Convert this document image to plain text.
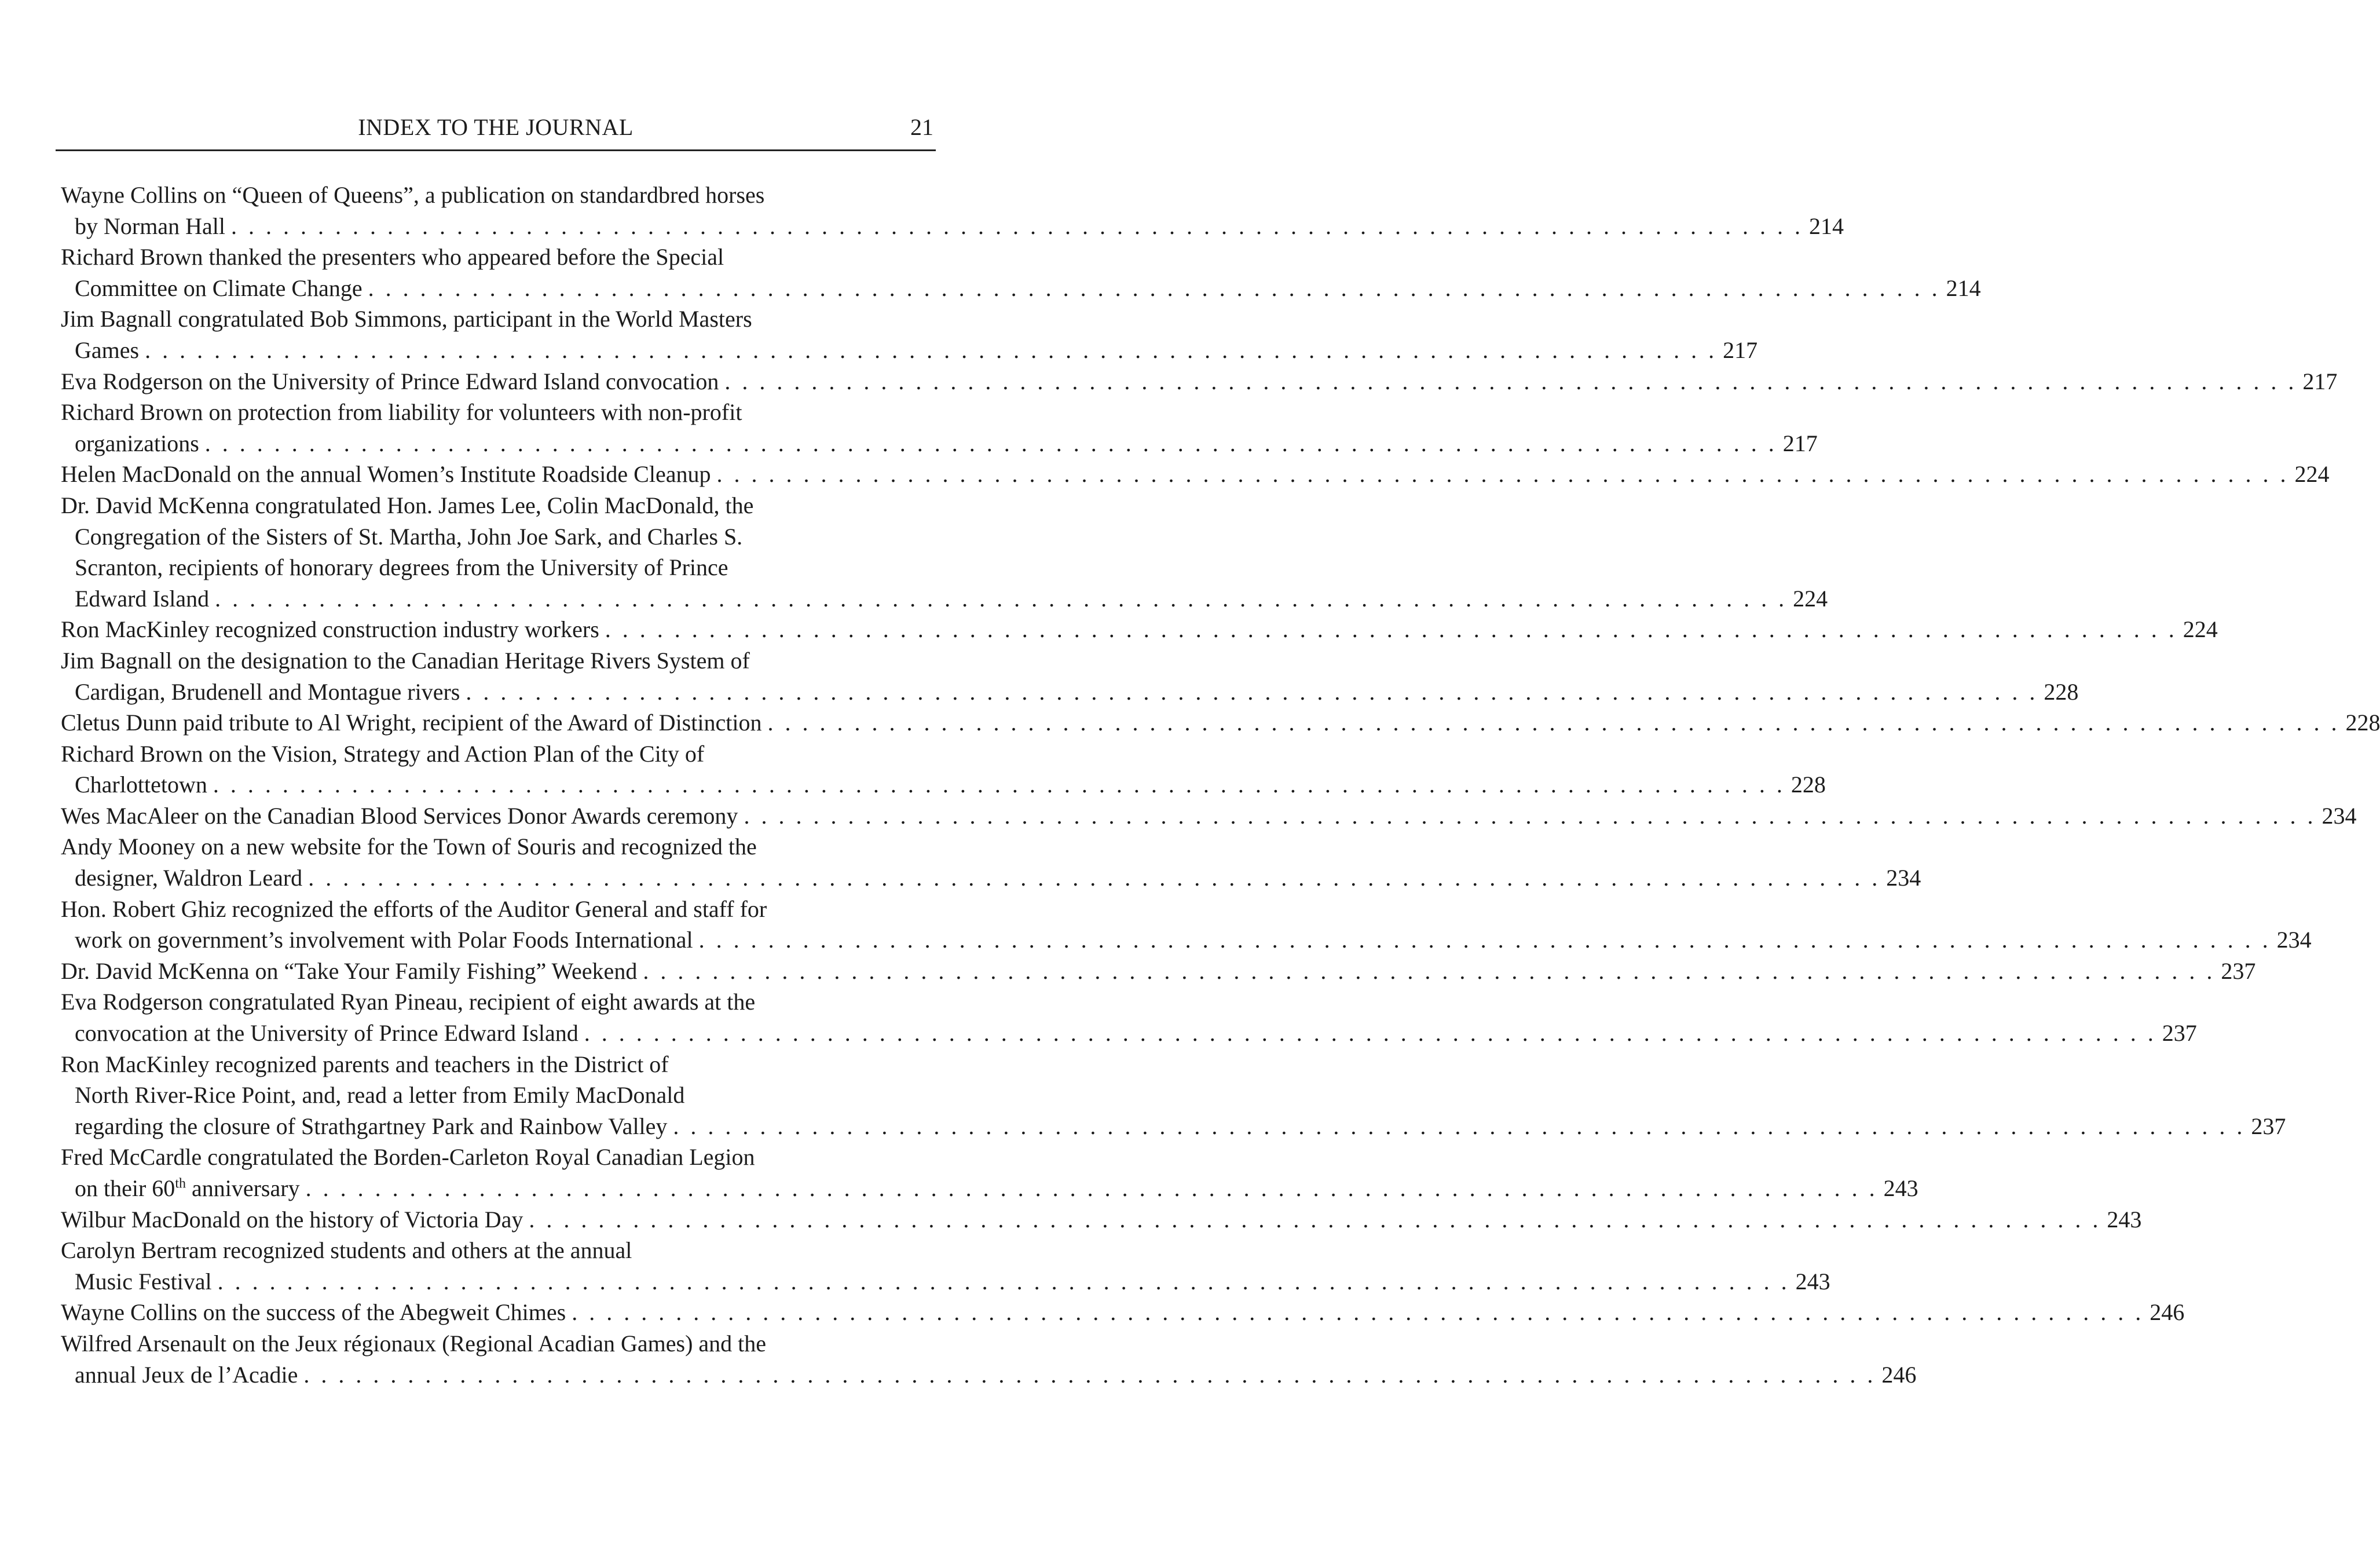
INDEX TO THE JOURNAL	21
Wayne Collins on “Queen of Queens”, a publication on standardbred horses
by Norman Hall . . . . . . . . . . . . . . . . . . . . . . . . . . . . . . . . . . . . . . . . . . . . . . . . . . . . . . . . . . . . . . . . . . . . . . . . . . . . . . . . . . . . . . . . . . . 214
Richard Brown thanked the presenters who appeared before the Special
Committee on Climate Change . . . . . . . . . . . . . . . . . . . . . . . . . . . . . . . . . . . . . . . . . . . . . . . . . . . . . . . . . . . . . . . . . . . . . . . . . . . . . . . . . . . . . . . . . . . 214
Jim Bagnall congratulated Bob Simmons, participant in the World Masters
Games . . . . . . . . . . . . . . . . . . . . . . . . . . . . . . . . . . . . . . . . . . . . . . . . . . . . . . . . . . . . . . . . . . . . . . . . . . . . . . . . . . . . . . . . . . . 217
Eva Rodgerson on the University of Prince Edward Island convocation . . . . . . . . . . . . . . . . . . . . . . . . . . . . . . . . . . . . . . . . . . . . . . . . . . . . . . . . . . . . . . . . . . . . . . . . . . . . . . . . . . . . . . . . . . . 217
Richard Brown on protection from liability for volunteers with non-profit
organizations . . . . . . . . . . . . . . . . . . . . . . . . . . . . . . . . . . . . . . . . . . . . . . . . . . . . . . . . . . . . . . . . . . . . . . . . . . . . . . . . . . . . . . . . . . . 217
Helen MacDonald on the annual Women’s Institute Roadside Cleanup . . . . . . . . . . . . . . . . . . . . . . . . . . . . . . . . . . . . . . . . . . . . . . . . . . . . . . . . . . . . . . . . . . . . . . . . . . . . . . . . . . . . . . . . . . . 224
Dr. David McKenna congratulated Hon. James Lee, Colin MacDonald, the
Congregation of the Sisters of St. Martha, John Joe Sark, and Charles S.
Scranton, recipients of honorary degrees from the University of Prince
Edward Island . . . . . . . . . . . . . . . . . . . . . . . . . . . . . . . . . . . . . . . . . . . . . . . . . . . . . . . . . . . . . . . . . . . . . . . . . . . . . . . . . . . . . . . . . . . 224
Ron MacKinley recognized construction industry workers . . . . . . . . . . . . . . . . . . . . . . . . . . . . . . . . . . . . . . . . . . . . . . . . . . . . . . . . . . . . . . . . . . . . . . . . . . . . . . . . . . . . . . . . . . . 224
Jim Bagnall on the designation to the Canadian Heritage Rivers System of
Cardigan, Brudenell and Montague rivers . . . . . . . . . . . . . . . . . . . . . . . . . . . . . . . . . . . . . . . . . . . . . . . . . . . . . . . . . . . . . . . . . . . . . . . . . . . . . . . . . . . . . . . . . . . 228
Cletus Dunn paid tribute to Al Wright, recipient of the Award of Distinction . . . . . . . . . . . . . . . . . . . . . . . . . . . . . . . . . . . . . . . . . . . . . . . . . . . . . . . . . . . . . . . . . . . . . . . . . . . . . . . . . . . . . . . . . . . 228
Richard Brown on the Vision, Strategy and Action Plan of the City of
Charlottetown . . . . . . . . . . . . . . . . . . . . . . . . . . . . . . . . . . . . . . . . . . . . . . . . . . . . . . . . . . . . . . . . . . . . . . . . . . . . . . . . . . . . . . . . . . . 228
Wes MacAleer on the Canadian Blood Services Donor Awards ceremony . . . . . . . . . . . . . . . . . . . . . . . . . . . . . . . . . . . . . . . . . . . . . . . . . . . . . . . . . . . . . . . . . . . . . . . . . . . . . . . . . . . . . . . . . . . 234
Andy Mooney on a new website for the Town of Souris and recognized the
designer, Waldron Leard . . . . . . . . . . . . . . . . . . . . . . . . . . . . . . . . . . . . . . . . . . . . . . . . . . . . . . . . . . . . . . . . . . . . . . . . . . . . . . . . . . . . . . . . . . . 234
Hon. Robert Ghiz recognized the efforts of the Auditor General and staff for
work on government’s involvement with Polar Foods International . . . . . . . . . . . . . . . . . . . . . . . . . . . . . . . . . . . . . . . . . . . . . . . . . . . . . . . . . . . . . . . . . . . . . . . . . . . . . . . . . . . . . . . . . . . 234
Dr. David McKenna on “Take Your Family Fishing” Weekend . . . . . . . . . . . . . . . . . . . . . . . . . . . . . . . . . . . . . . . . . . . . . . . . . . . . . . . . . . . . . . . . . . . . . . . . . . . . . . . . . . . . . . . . . . . 237
Eva Rodgerson congratulated Ryan Pineau, recipient of eight awards at the
convocation at the University of Prince Edward Island . . . . . . . . . . . . . . . . . . . . . . . . . . . . . . . . . . . . . . . . . . . . . . . . . . . . . . . . . . . . . . . . . . . . . . . . . . . . . . . . . . . . . . . . . . . 237
Ron MacKinley recognized parents and teachers in the District of
North River-Rice Point, and, read a letter from Emily MacDonald
regarding the closure of Strathgartney Park and Rainbow Valley . . . . . . . . . . . . . . . . . . . . . . . . . . . . . . . . . . . . . . . . . . . . . . . . . . . . . . . . . . . . . . . . . . . . . . . . . . . . . . . . . . . . . . . . . . . 237
Fred McCardle congratulated the Borden-Carleton Royal Canadian Legion
on their 60th anniversary . . . . . . . . . . . . . . . . . . . . . . . . . . . . . . . . . . . . . . . . . . . . . . . . . . . . . . . . . . . . . . . . . . . . . . . . . . . . . . . . . . . . . . . . . . . 243
Wilbur MacDonald on the history of Victoria Day . . . . . . . . . . . . . . . . . . . . . . . . . . . . . . . . . . . . . . . . . . . . . . . . . . . . . . . . . . . . . . . . . . . . . . . . . . . . . . . . . . . . . . . . . . . 243
Carolyn Bertram recognized students and others at the annual
Music Festival . . . . . . . . . . . . . . . . . . . . . . . . . . . . . . . . . . . . . . . . . . . . . . . . . . . . . . . . . . . . . . . . . . . . . . . . . . . . . . . . . . . . . . . . . . . 243
Wayne Collins on the success of the Abegweit Chimes . . . . . . . . . . . . . . . . . . . . . . . . . . . . . . . . . . . . . . . . . . . . . . . . . . . . . . . . . . . . . . . . . . . . . . . . . . . . . . . . . . . . . . . . . . . 246
Wilfred Arsenault on the Jeux régionaux (Regional Acadian Games) and the
annual Jeux de l’Acadie . . . . . . . . . . . . . . . . . . . . . . . . . . . . . . . . . . . . . . . . . . . . . . . . . . . . . . . . . . . . . . . . . . . . . . . . . . . . . . . . . . . . . . . . . . . 246
